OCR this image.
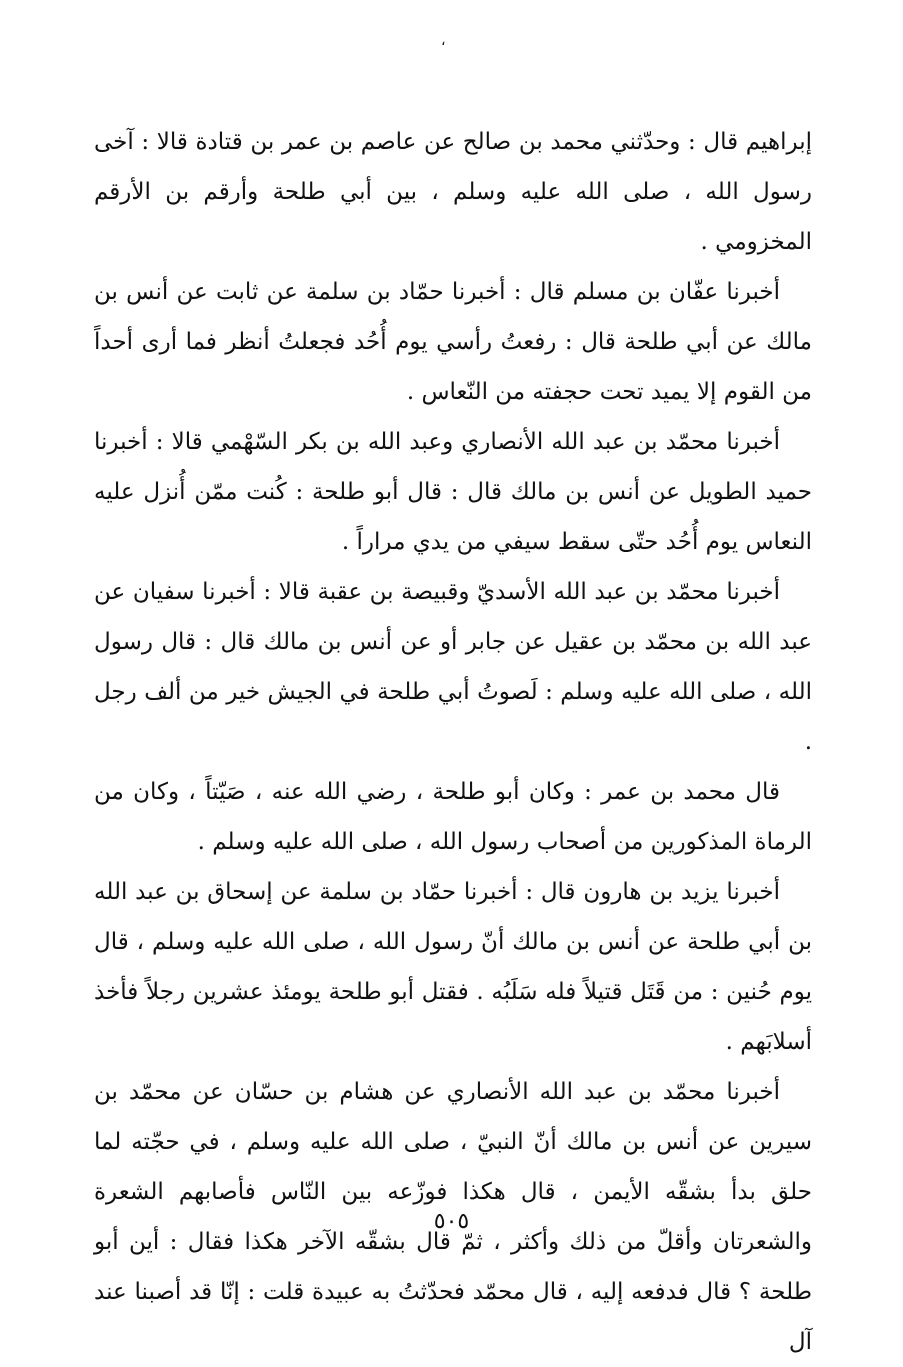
،

إبراهيم قال : وحدّثني محمد بن صالح عن عاصم بن عمر بن قتادة قالا : آخى رسول الله ، صلى الله عليه وسلم ، بين أبي طلحة وأرقم بن الأرقم المخزومي .

أخبرنا عفّان بن مسلم قال : أخبرنا حمّاد بن سلمة عن ثابت عن أنس بن مالك عن أبي طلحة قال : رفعتُ رأسي يوم أُحُد فجعلتُ أنظر فما أرى أحداً من القوم إلا يميد تحت حجفته من النّعاس .

أخبرنا محمّد بن عبد الله الأنصاري وعبد الله بن بكر السّهْمي قالا : أخبرنا حميد الطويل عن أنس بن مالك قال : قال أبو طلحة : كُنت ممّن أُنزل عليه النعاس يوم أُحُد حتّى سقط سيفي من يدي مراراً .

أخبرنا محمّد بن عبد الله الأسديّ وقبيصة بن عقبة قالا : أخبرنا سفيان عن عبد الله بن محمّد بن عقيل عن جابر أو عن أنس بن مالك قال : قال رسول الله ، صلى الله عليه وسلم : لَصوتُ أبي طلحة في الجيش خير من ألف رجل .

قال محمد بن عمر : وكان أبو طلحة ، رضي الله عنه ، صَيّتاً ، وكان من الرماة المذكورين من أصحاب رسول الله ، صلى الله عليه وسلم .

أخبرنا يزيد بن هارون قال : أخبرنا حمّاد بن سلمة عن إسحاق بن عبد الله بن أبي طلحة عن أنس بن مالك أنّ رسول الله ، صلى الله عليه وسلم ، قال يوم حُنين : من قَتَل قتيلاً فله سَلَبُه . فقتل أبو طلحة يومئذ عشرين رجلاً فأخذ أسلابَهم .

أخبرنا محمّد بن عبد الله الأنصاري عن هشام بن حسّان عن محمّد بن سيرين عن أنس بن مالك أنّ النبيّ ، صلى الله عليه وسلم ، في حجّته لما حلق بدأ بشقّه الأيمن ، قال هكذا فوزّعه بين النّاس فأصابهم الشعرة والشعرتان وأقلّ من ذلك وأكثر ، ثمّ قال بشقّه الآخر هكذا فقال : أين أبو طلحة ؟ قال فدفعه إليه ، قال محمّد فحدّثتُ به عبيدة قلت : إنّا قد أصبنا عند آل

٥٠٥
